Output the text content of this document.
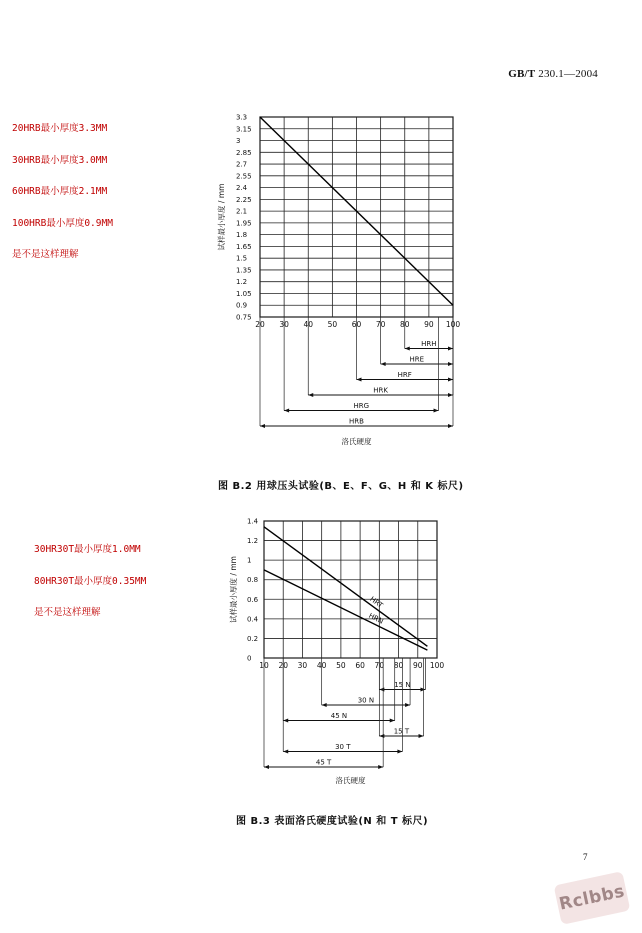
GB/T 230.1—2004

20HRB最小厚度3.3MM

30HRB最小厚度3.0MM

60HRB最小厚度2.1MM

100HRB最小厚度0.9MM

是不是这样理解

30HR30T最小厚度1.0MM

80HR30T最小厚度0.35MM

是不是这样理解

20 30 40 50 60 70 80 90 100
3.3
3.15
3
2.85
2.7
2.55
2.4
2.25
2.1
1.95
1.8
1.65
1.5
1.35
1.2
1.05
0.9
0.75
试样最小厚度 / mm
HRH
HRE
HRF
HRK
HRG
HRB
洛氏硬度
10 20 30 40 50 60 70 80 90 100
1.4
1.2
1
0.8
0.6
0.4
0.2
0
试样最小厚度 / mm	HRT
HRN
15 N
30 N
45 N
15 T
30 T
45 T
洛氏硬度
图 B.2 用球压头试验(B、E、F、G、H 和 K 标尺)
图 B.3 表面洛氏硬度试验(N 和 T 标尺)
7
Rclbbs
